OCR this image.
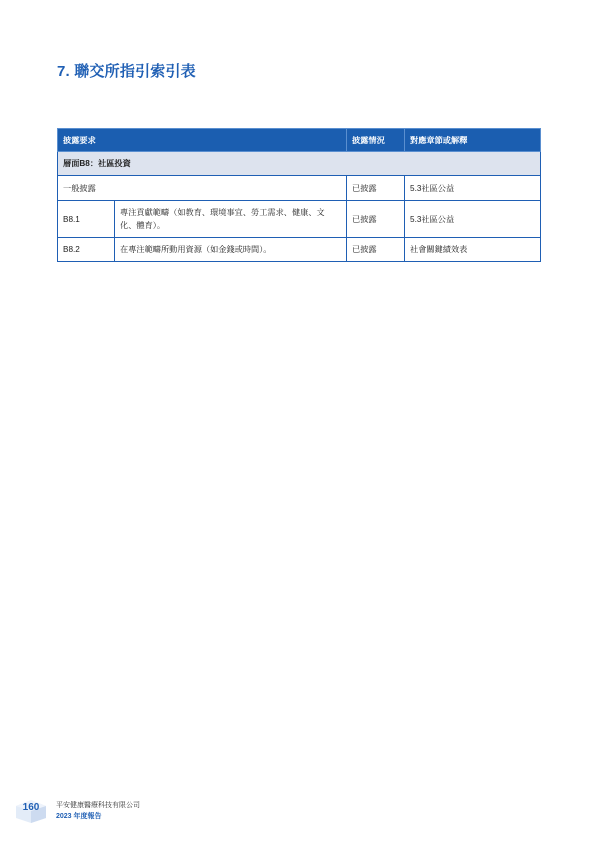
7. 聯交所指引索引表
披露要求		披露情況	對應章節或解釋
層面B8：社區投資			
一般披露		已披露	5.3社區公益
B8.1	專注貢獻範疇（如教育、環境事宜、勞工需求、健康、文化、體育）。	已披露	5.3社區公益
B8.2	在專注範疇所動用資源（如金錢或時間）。	已披露	社會關鍵績效表
160	平安健康醫療科技有限公司
2023 年度報告
